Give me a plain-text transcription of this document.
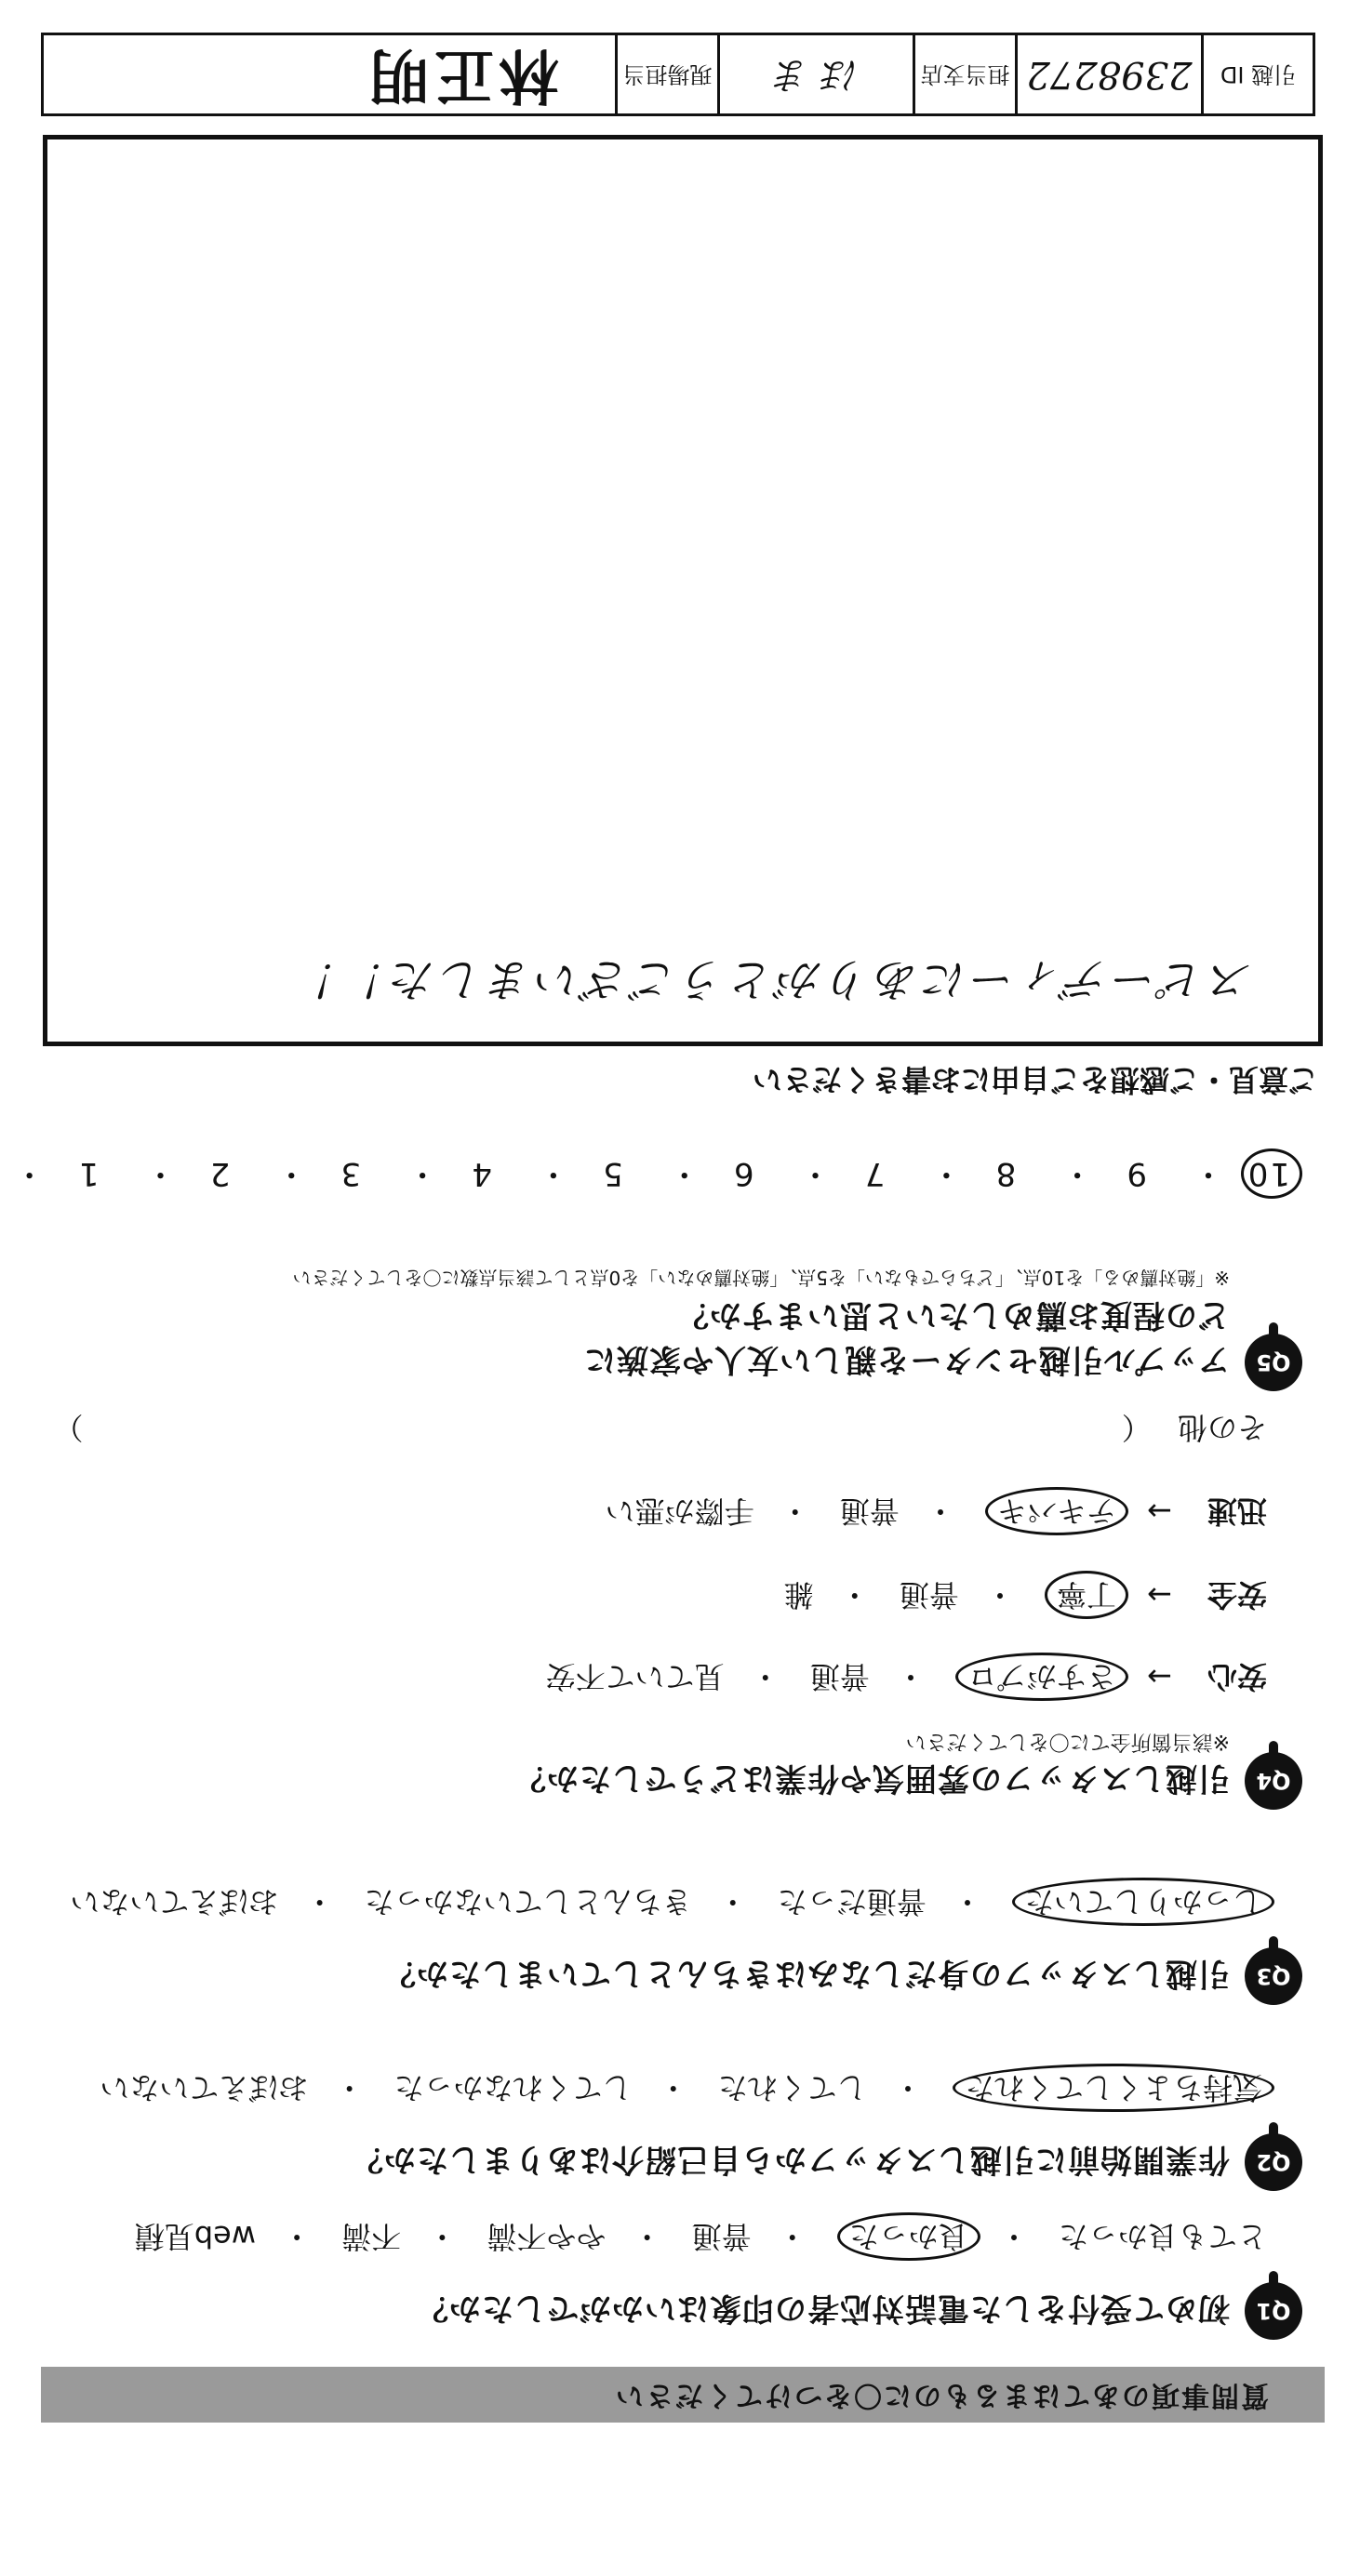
質問事項のあてはまるものに〇をつけてください
Q1
初めて受付をした電話対応者の印象はいかがでしたか？
とても良かった・ 良かった・ 普通・ やや不満・ 不満・ web見積
Q2
作業開始前に引越しスタッフから自己紹介はありましたか？
気持ちよくしてくれた・ してくれた・ してくれなかった・ おぼえていない
Q3
引越しスタッフの身だしなみはきちんとしていましたか？
しっかりしていた・ 普通だった・ きちんとしていなかった・ おぼえていない
Q4
引越しスタッフの雰囲気や作業はどうでしたか？
※該当箇所全てに〇をしてください
安心→ さすがプロ・ 普通・ 見ていて不安
安全→ 丁寧・ 普通・ 雑
迅速→ テキパキ・ 普通・ 手際が悪い
その他 （  ）
Q5
アップル引越センターを親しい友人や家族に
どの程度お薦めしたいと思いますか？
※「絶対薦める」を10点、「どちらでもない」を5点、「絶対薦めない」を0点として該当点数に〇をしてください
10・ 9・ 8・ 7・ 6・ 5・ 4・ 3・ 2・ 1・
ご意見・ご感想をご自由にお書きください
スピーディーにありがとうございました！！
引越 ID
2398272
担当支店
ほ ま
現場担当
林正明
